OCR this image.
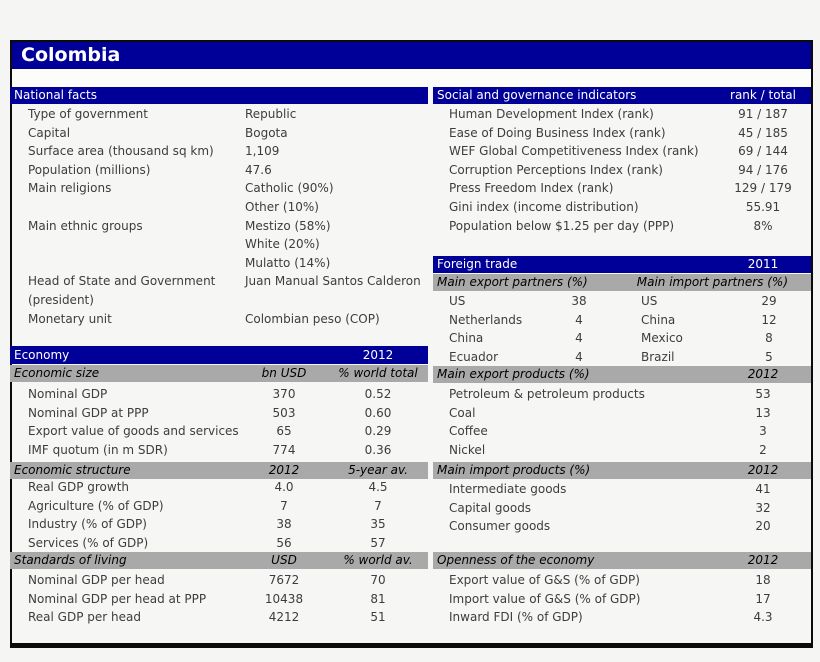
Colombia
National facts
Type of government	Republic
Capital	Bogota
Surface area (thousand sq km)	1,109
Population (millions)	47.6
Main religions	Catholic (90%)
Other (10%)
Main ethnic groups	Mestizo (58%)
White (20%)
Mulatto (14%)
Head of State and Government	Juan Manual Santos Calderon
(president)
Monetary unit	Colombian peso (COP)
Economy	2012
Economic size	bn USD	% world total
Nominal GDP	370	0.52
Nominal GDP at PPP	503	0.60
Export value of goods and services	65	0.29
IMF quotum (in m SDR)	774	0.36
Economic structure	2012	5-year av.
Real GDP growth	4.0	4.5
Agriculture (% of GDP)	7	7
Industry (% of GDP)	38	35
Services (% of GDP)	56	57
Standards of living	USD	% world av.
Nominal GDP per head	7672	70
Nominal GDP per head at PPP	10438	81
Real GDP per head	4212	51
Social and governance indicators	rank / total
Human Development Index (rank)	91 / 187
Ease of Doing Business Index (rank)	45 / 185
WEF Global Competitiveness Index (rank)	69 / 144
Corruption Perceptions Index (rank)	94 / 176
Press Freedom Index (rank)	129 / 179
Gini index (income distribution)	55.91
Population below $1.25 per day (PPP)	8%
Foreign trade	2011
Main export partners (%)	Main import partners (%)
US	38	US	29
Netherlands	4	China	12
China	4	Mexico	8
Ecuador	4	Brazil	5
Main export products (%)	2012
Petroleum & petroleum products	53
Coal	13
Coffee	3
Nickel	2
Main import products (%)	2012
Intermediate goods	41
Capital goods	32
Consumer goods	20
Openness of the economy	2012
Export value of G&S (% of GDP)	18
Import value of G&S (% of GDP)	17
Inward FDI (% of GDP)	4.3
